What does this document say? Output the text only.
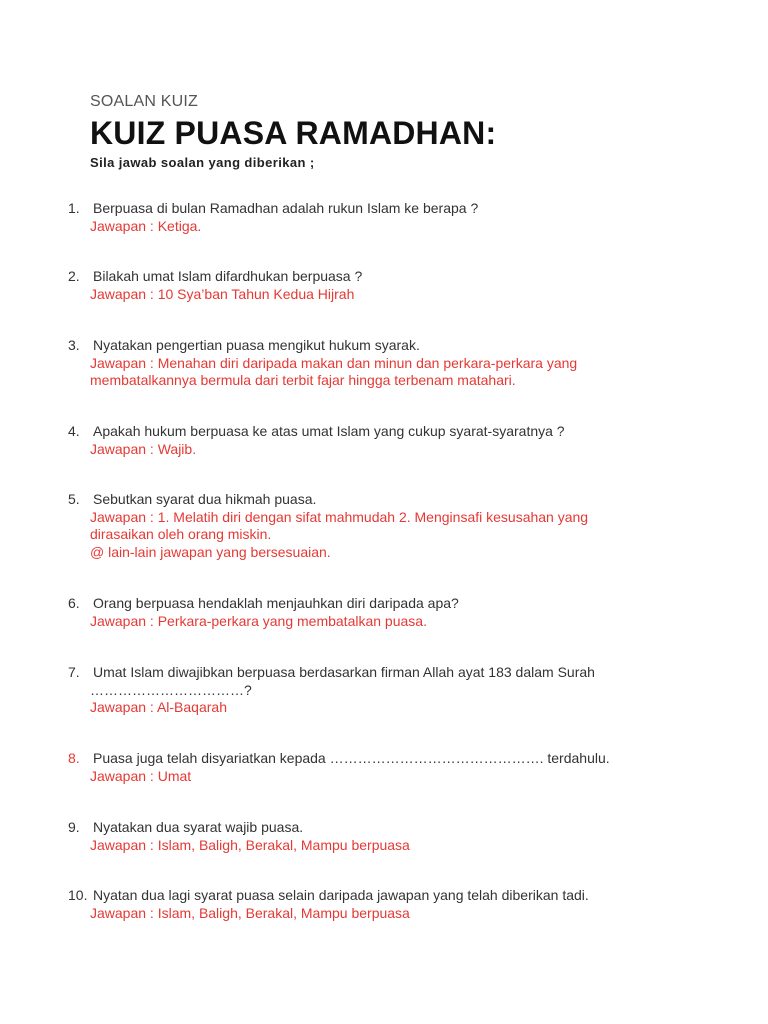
SOALAN KUIZ
KUIZ PUASA RAMADHAN:
Sila jawab soalan yang diberikan ;
1. Berpuasa di bulan Ramadhan adalah rukun Islam ke berapa ?
Jawapan : Ketiga.
2. Bilakah umat Islam difardhukan berpuasa ?
Jawapan : 10 Sya’ban Tahun Kedua Hijrah
3. Nyatakan pengertian puasa mengikut hukum syarak.
Jawapan : Menahan diri daripada makan dan minun dan perkara-perkara yang
membatalkannya bermula dari terbit fajar hingga terbenam matahari.
4. Apakah hukum berpuasa ke atas umat Islam yang cukup syarat-syaratnya ?
Jawapan : Wajib.
5. Sebutkan syarat dua hikmah puasa.
Jawapan : 1. Melatih diri dengan sifat mahmudah 2. Menginsafi kesusahan yang
dirasaikan oleh orang miskin.
@ lain-lain jawapan yang bersesuaian.
6. Orang berpuasa hendaklah menjauhkan diri daripada apa?
Jawapan : Perkara-perkara yang membatalkan puasa.
7. Umat Islam diwajibkan berpuasa berdasarkan firman Allah ayat 183 dalam Surah
……………………………?
Jawapan : Al-Baqarah
8. Puasa juga telah disyariatkan kepada ………………………………………. terdahulu.
Jawapan : Umat
9. Nyatakan dua syarat wajib puasa.
Jawapan : Islam, Baligh, Berakal, Mampu berpuasa
10. Nyatan dua lagi syarat puasa selain daripada jawapan yang telah diberikan tadi.
Jawapan : Islam, Baligh, Berakal, Mampu berpuasa
